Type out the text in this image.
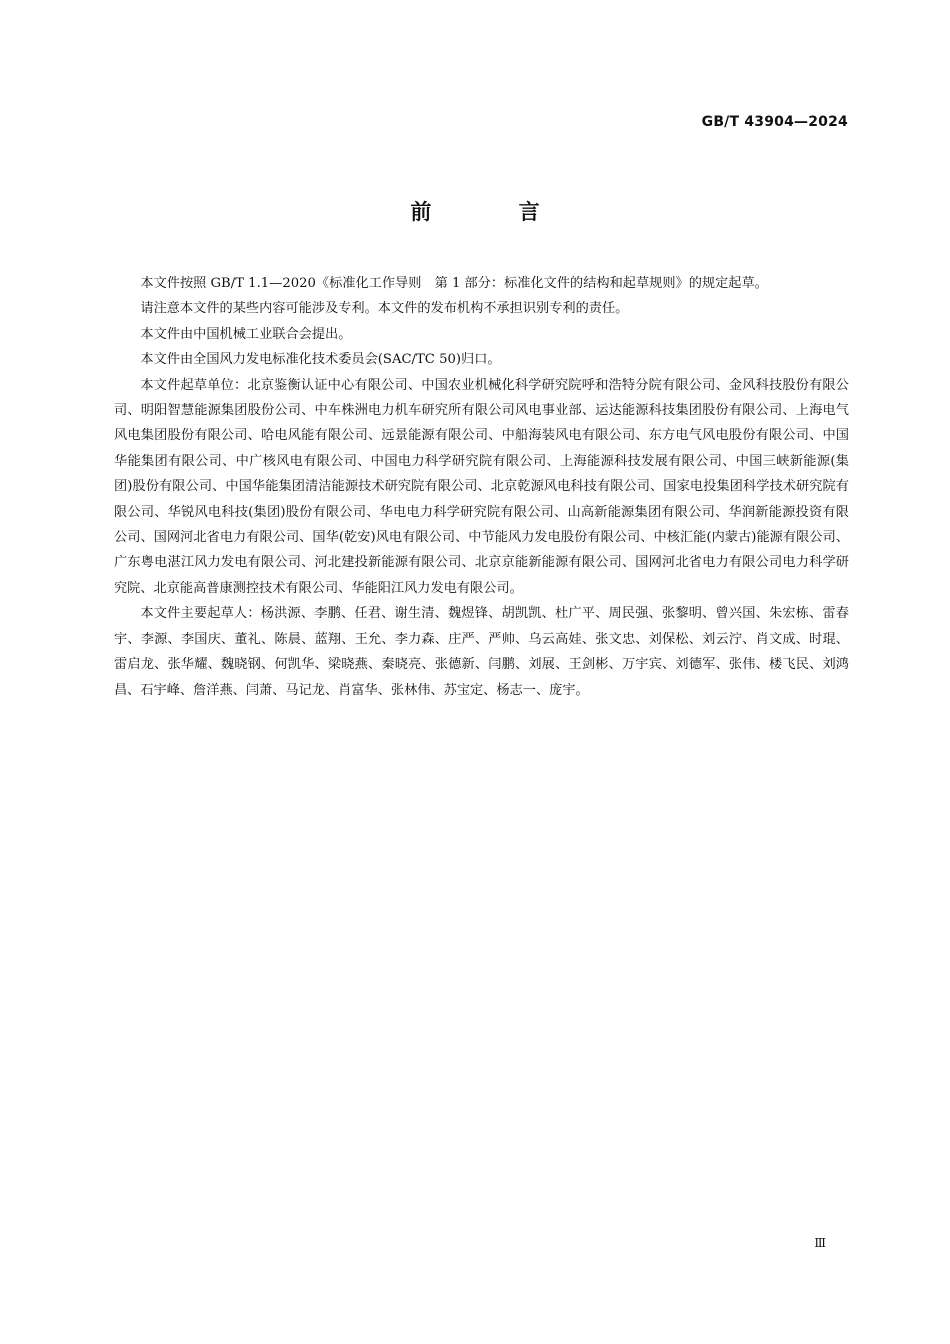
GB/T 43904—2024
前 言

本文件按照 GB/T 1.1—2020《标准化工作导则　第 1 部分：标准化文件的结构和起草规则》的规定起草。

请注意本文件的某些内容可能涉及专利。本文件的发布机构不承担识别专利的责任。

本文件由中国机械工业联合会提出。

本文件由全国风力发电标准化技术委员会(SAC/TC 50)归口。

本文件起草单位：北京鉴衡认证中心有限公司、中国农业机械化科学研究院呼和浩特分院有限公司、金风科技股份有限公司、明阳智慧能源集团股份公司、中车株洲电力机车研究所有限公司风电事业部、运达能源科技集团股份有限公司、上海电气风电集团股份有限公司、哈电风能有限公司、远景能源有限公司、中船海装风电有限公司、东方电气风电股份有限公司、中国华能集团有限公司、中广核风电有限公司、中国电力科学研究院有限公司、上海能源科技发展有限公司、中国三峡新能源(集团)股份有限公司、中国华能集团清洁能源技术研究院有限公司、北京乾源风电科技有限公司、国家电投集团科学技术研究院有限公司、华锐风电科技(集团)股份有限公司、华电电力科学研究院有限公司、山高新能源集团有限公司、华润新能源投资有限公司、国网河北省电力有限公司、国华(乾安)风电有限公司、中节能风力发电股份有限公司、中核汇能(内蒙古)能源有限公司、广东粤电湛江风力发电有限公司、河北建投新能源有限公司、北京京能新能源有限公司、国网河北省电力有限公司电力科学研究院、北京能高普康测控技术有限公司、华能阳江风力发电有限公司。

本文件主要起草人：杨洪源、李鹏、任君、谢生清、魏煜锋、胡凯凯、杜广平、周民强、张黎明、曾兴国、朱宏栋、雷春宇、李源、李国庆、董礼、陈晨、蓝翔、王允、李力森、庄严、严帅、乌云高娃、张文忠、刘保松、刘云泞、肖文成、时琨、雷启龙、张华耀、魏晓钢、何凯华、梁晓燕、秦晓亮、张德新、闫鹏、刘展、王剑彬、万宇宾、刘德军、张伟、楼飞民、刘鸿昌、石宇峰、詹洋燕、闫萧、马记龙、肖富华、张林伟、苏宝定、杨志一、庞宇。

Ⅲ
